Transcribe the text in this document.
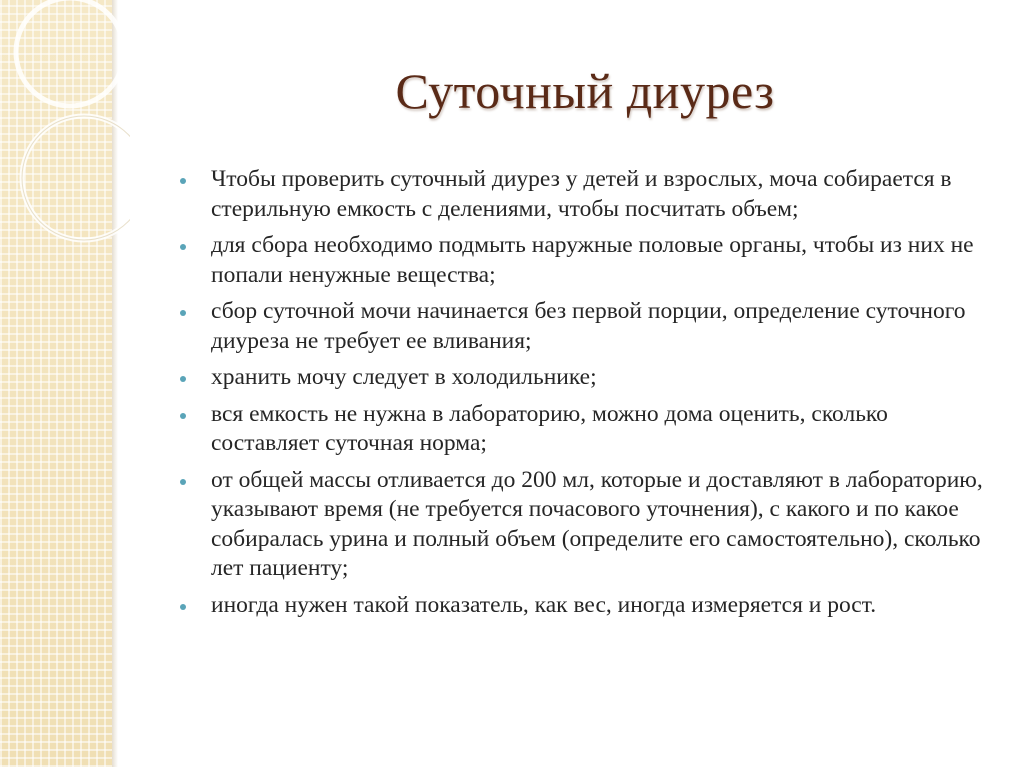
Суточный диурез
Чтобы проверить суточный диурез у детей и взрослых, моча собирается в стерильную емкость с делениями, чтобы посчитать объем;
для сбора необходимо подмыть наружные половые органы, чтобы из них не попали ненужные вещества;
сбор суточной мочи начинается без первой порции, определение суточного диуреза не требует ее вливания;
хранить мочу следует в холодильнике;
вся емкость не нужна в лабораторию, можно дома оценить, сколько составляет суточная норма;
от общей массы отливается до 200 мл, которые и доставляют в лабораторию, указывают время (не требуется почасового уточнения), с какого и по какое собиралась урина и полный объем (определите его самостоятельно), сколько лет пациенту;
иногда нужен такой показатель, как вес, иногда измеряется и рост.
